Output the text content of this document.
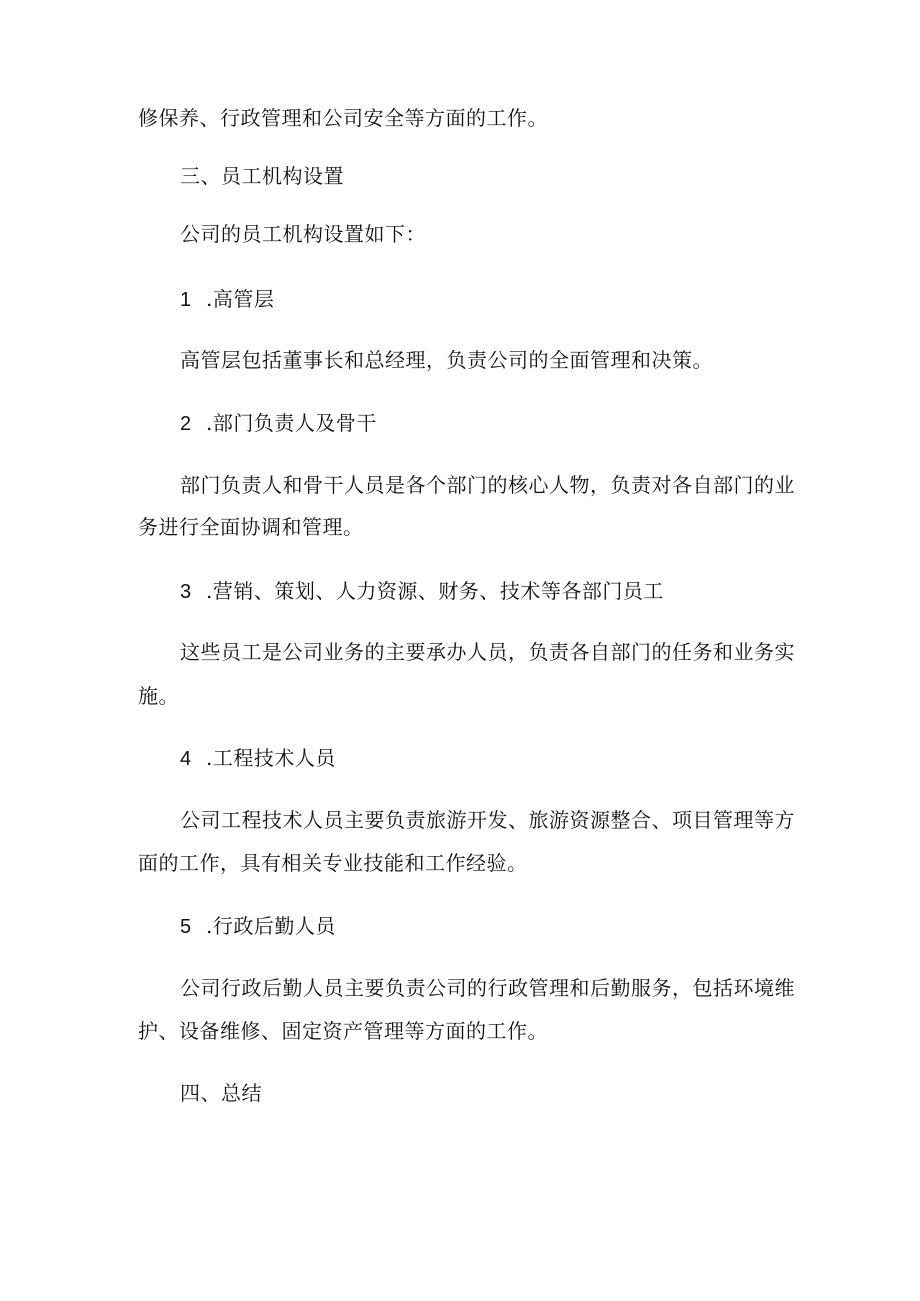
修保养、行政管理和公司安全等方面的工作。
三、员工机构设置
公司的员工机构设置如下：
1 .高管层
高管层包括董事长和总经理，负责公司的全面管理和决策。
2 .部门负责人及骨干
部门负责人和骨干人员是各个部门的核心人物，负责对各自部门的业
务进行全面协调和管理。
3 .营销、策划、人力资源、财务、技术等各部门员工
这些员工是公司业务的主要承办人员，负责各自部门的任务和业务实
施。
4 .工程技术人员
公司工程技术人员主要负责旅游开发、旅游资源整合、项目管理等方
面的工作，具有相关专业技能和工作经验。
5 .行政后勤人员
公司行政后勤人员主要负责公司的行政管理和后勤服务，包括环境维
护、设备维修、固定资产管理等方面的工作。
四、总结
